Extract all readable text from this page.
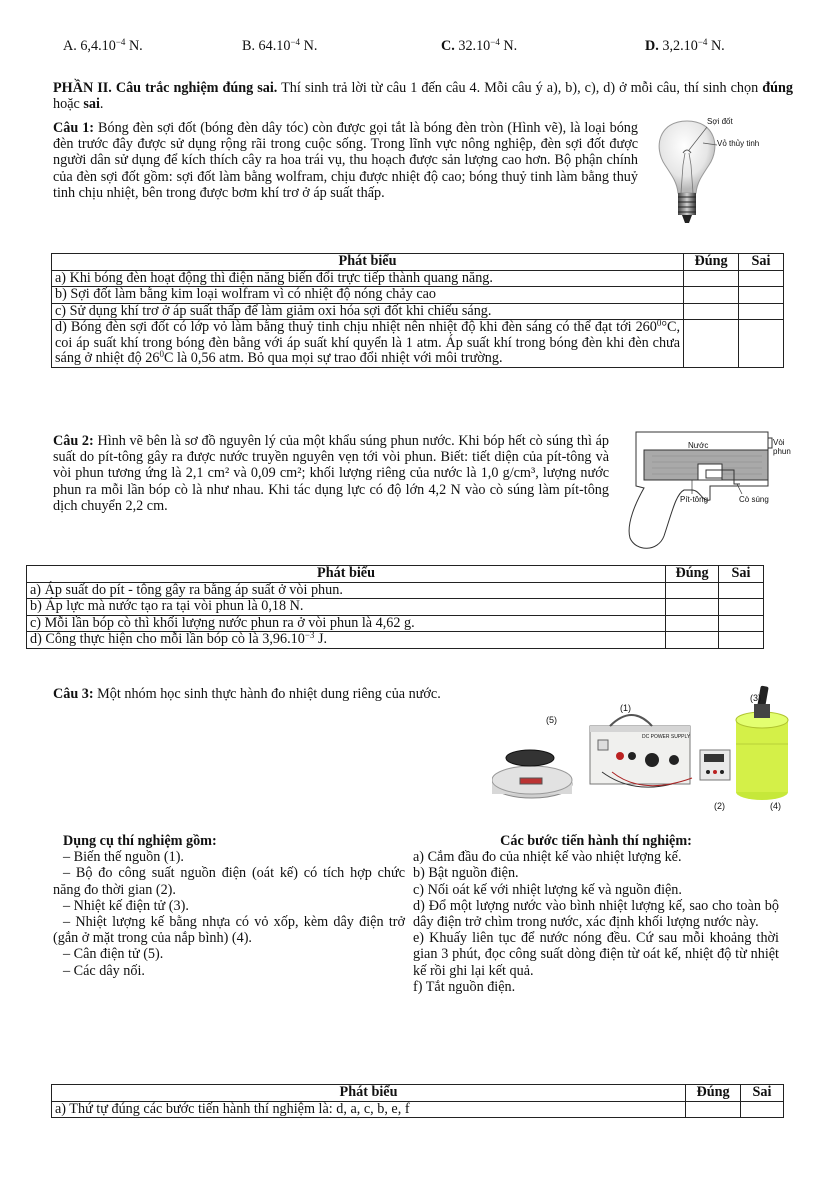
A. $6,4.10^{-4}$ N.	B. $64.10^{-4}$ N.	C. $32.10^{-4}$ N.	D. $3,2.10^{-4}$ N.
PHẦN II. Câu trắc nghiệm đúng sai. Thí sinh trả lời từ câu 1 đến câu 4. Mỗi câu ý a), b), c), d) ở mỗi câu, thí sinh chọn đúng hoặc sai.
Câu 1: Bóng đèn sợi đốt (bóng đèn dây tóc) còn được gọi tắt là bóng đèn tròn (Hình vẽ), là loại bóng đèn trước đây được sử dụng rộng rãi trong cuộc sống. Trong lĩnh vực nông nghiệp, đèn sợi đốt được người dân sử dụng để kích thích cây ra hoa trái vụ, thu hoạch được sản lượng cao hơn. Bộ phận chính của đèn sợi đốt gồm: sợi đốt làm bằng wolfram, chịu được nhiệt độ cao; bóng thuỷ tinh làm bằng thuỷ tinh chịu nhiệt, bên trong được bơm khí trơ ở áp suất thấp.
Sợi đốt
Vỏ thủy tinh
Phát biểu	Đúng	Sai
a) Khi bóng đèn hoạt động thì điện năng biến đổi trực tiếp thành quang năng.		
b) Sợi đốt làm bằng kim loại wolfram vì có nhiệt độ nóng chảy cao		
c) Sử dụng khí trơ ở áp suất thấp để làm giảm oxi hóa sợi đốt khi chiếu sáng.		
d) Bóng đèn sợi đốt có lớp vỏ làm bằng thuỷ tinh chịu nhiệt nên nhiệt độ khi đèn sáng có thể đạt tới $260^0^\circ C$, coi áp suất khí trong bóng đèn bằng với áp suất khí quyển là 1 atm. Áp suất khí trong bóng đèn khi đèn chưa sáng ở nhiệt độ $26^0C$ là 0,56 atm. Bỏ qua mọi sự trao đổi nhiệt với môi trường.		
Câu 2: Hình vẽ bên là sơ đồ nguyên lý của một khẩu súng phun nước. Khi bóp hết cò súng thì áp suất do pít-tông gây ra được nước truyền nguyên vẹn tới vòi phun. Biết: tiết diện của pít-tông và vòi phun tương ứng là 2,1 cm² và 0,09 cm²; khối lượng riêng của nước là 1,0 g/cm³, lượng nước phun ra mỗi lần bóp cò là như nhau. Khi tác dụng lực có độ lớn 4,2 N vào cò súng làm pít-tông dịch chuyển 2,2 cm.
Nước	Vòi
phun
Pít-tông	Cò súng
Phát biểu	Đúng	Sai
a) Áp suất do pít - tông gây ra bằng áp suất ở vòi phun.		
b) Áp lực mà nước tạo ra tại vòi phun là 0,18 N.		
c) Mỗi lần bóp cò thì khối lượng nước phun ra ở vòi phun là 4,62 g.		
d) Công thực hiện cho mỗi lần bóp cò là $3,96.10^{-3}$ J.		
Câu 3: Một nhóm học sinh thực hành đo nhiệt dung riêng của nước.
(1)
(2)
(3)
(4)
(5)
DC POWER SUPPLY
Dụng cụ thí nghiệm gồm:
– Biến thế nguồn (1).
– Bộ đo công suất nguồn điện (oát kế) có tích hợp chức năng đo thời gian (2).
– Nhiệt kế điện tử (3).
– Nhiệt lượng kế bằng nhựa có vỏ xốp, kèm dây điện trở (gắn ở mặt trong của nắp bình) (4).
– Cân điện tử (5).
– Các dây nối.
Các bước tiến hành thí nghiệm:
a) Cắm đầu đo của nhiệt kế vào nhiệt lượng kế.
b) Bật nguồn điện.
c) Nối oát kế với nhiệt lượng kế và nguồn điện.
d) Đổ một lượng nước vào bình nhiệt lượng kế, sao cho toàn bộ dây điện trở chìm trong nước, xác định khối lượng nước này.
e) Khuấy liên tục để nước nóng đều. Cứ sau mỗi khoảng thời gian 3 phút, đọc công suất dòng điện từ oát kế, nhiệt độ từ nhiệt kế rồi ghi lại kết quả.
f) Tắt nguồn điện.
Phát biểu	Đúng	Sai
a) Thứ tự đúng các bước tiến hành thí nghiệm là: d, a, c, b, e, f		
